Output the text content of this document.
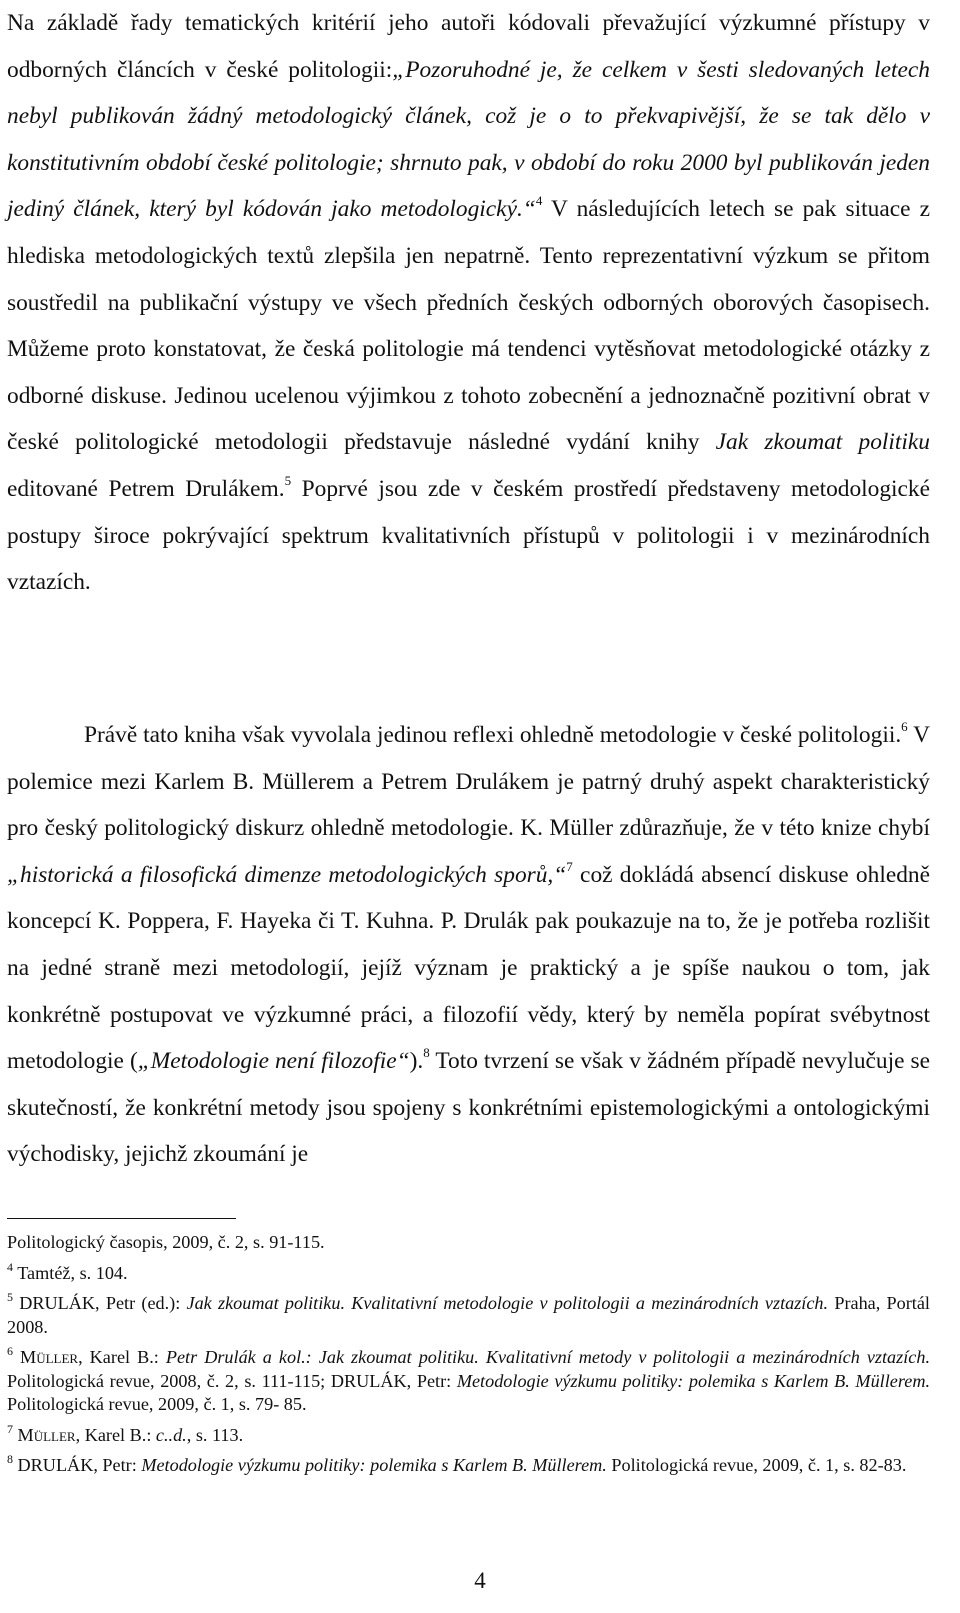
Na základě řady tematických kritérií jeho autoři kódovali převažující výzkumné přístupy v odborných článcích v české politologii:„Pozoruhodné je, že celkem v šesti sledovaných letech nebyl publikován žádný metodologický článek, což je o to překvapivější, že se tak dělo v konstitutivním období české politologie; shrnuto pak, v období do roku 2000 byl publikován jeden jediný článek, který byl kódován jako metodologický.“$^4$ V následujících letech se pak situace z hlediska metodologických textů zlepšila jen nepatrně. Tento reprezentativní výzkum se přitom soustředil na publikační výstupy ve všech předních českých odborných oborových časopisech. Můžeme proto konstatovat, že česká politologie má tendenci vytěsňovat metodologické otázky z odborné diskuse. Jedinou ucelenou výjimkou z tohoto zobecnění a jednoznačně pozitivní obrat v české politologické metodologii představuje následné vydání knihy Jak zkoumat politiku editované Petrem Drulákem.$^5$ Poprvé jsou zde v českém prostředí představeny metodologické postupy široce pokrývající spektrum kvalitativních přístupů v politologii i v mezinárodních vztazích.

Právě tato kniha však vyvolala jedinou reflexi ohledně metodologie v české politologii.$^6$ V polemice mezi Karlem B. Müllerem a Petrem Drulákem je patrný druhý aspekt charakteristický pro český politologický diskurz ohledně metodologie. K. Müller zdůrazňuje, že v této knize chybí „historická a filosofická dimenze metodologických sporů,“$^7$ což dokládá absencí diskuse ohledně koncepcí K. Poppera, F. Hayeka či T. Kuhna. P. Drulák pak poukazuje na to, že je potřeba rozlišit na jedné straně mezi metodologií, jejíž význam je praktický a je spíše naukou o tom, jak konkrétně postupovat ve výzkumné práci, a filozofií vědy, který by neměla popírat svébytnost metodologie („Metodologie není filozofie“).$^8$ Toto tvrzení se však v žádném případě nevylučuje se skutečností, že konkrétní metody jsou spojeny s konkrétními epistemologickými a ontologickými východisky, jejichž zkoumání je

Politologický časopis, 2009, č. 2, s. 91-115.

$^4$ Tamtéž, s. 104.

$^5$ DRULÁK, Petr (ed.): Jak zkoumat politiku. Kvalitativní metodologie v politologii a mezinárodních vztazích. Praha, Portál 2008.

$^6$ Müller, Karel B.: Petr Drulák a kol.: Jak zkoumat politiku. Kvalitativní metody v politologii a mezinárodních vztazích. Politologická revue, 2008, č. 2, s. 111-115; DRULÁK, Petr: Metodologie výzkumu politiky: polemika s Karlem B. Müllerem. Politologická revue, 2009, č. 1, s. 79- 85.

$^7$ Müller, Karel B.: c..d., s. 113.

$^8$ DRULÁK, Petr: Metodologie výzkumu politiky: polemika s Karlem B. Müllerem. Politologická revue, 2009, č. 1, s. 82-83.

4
